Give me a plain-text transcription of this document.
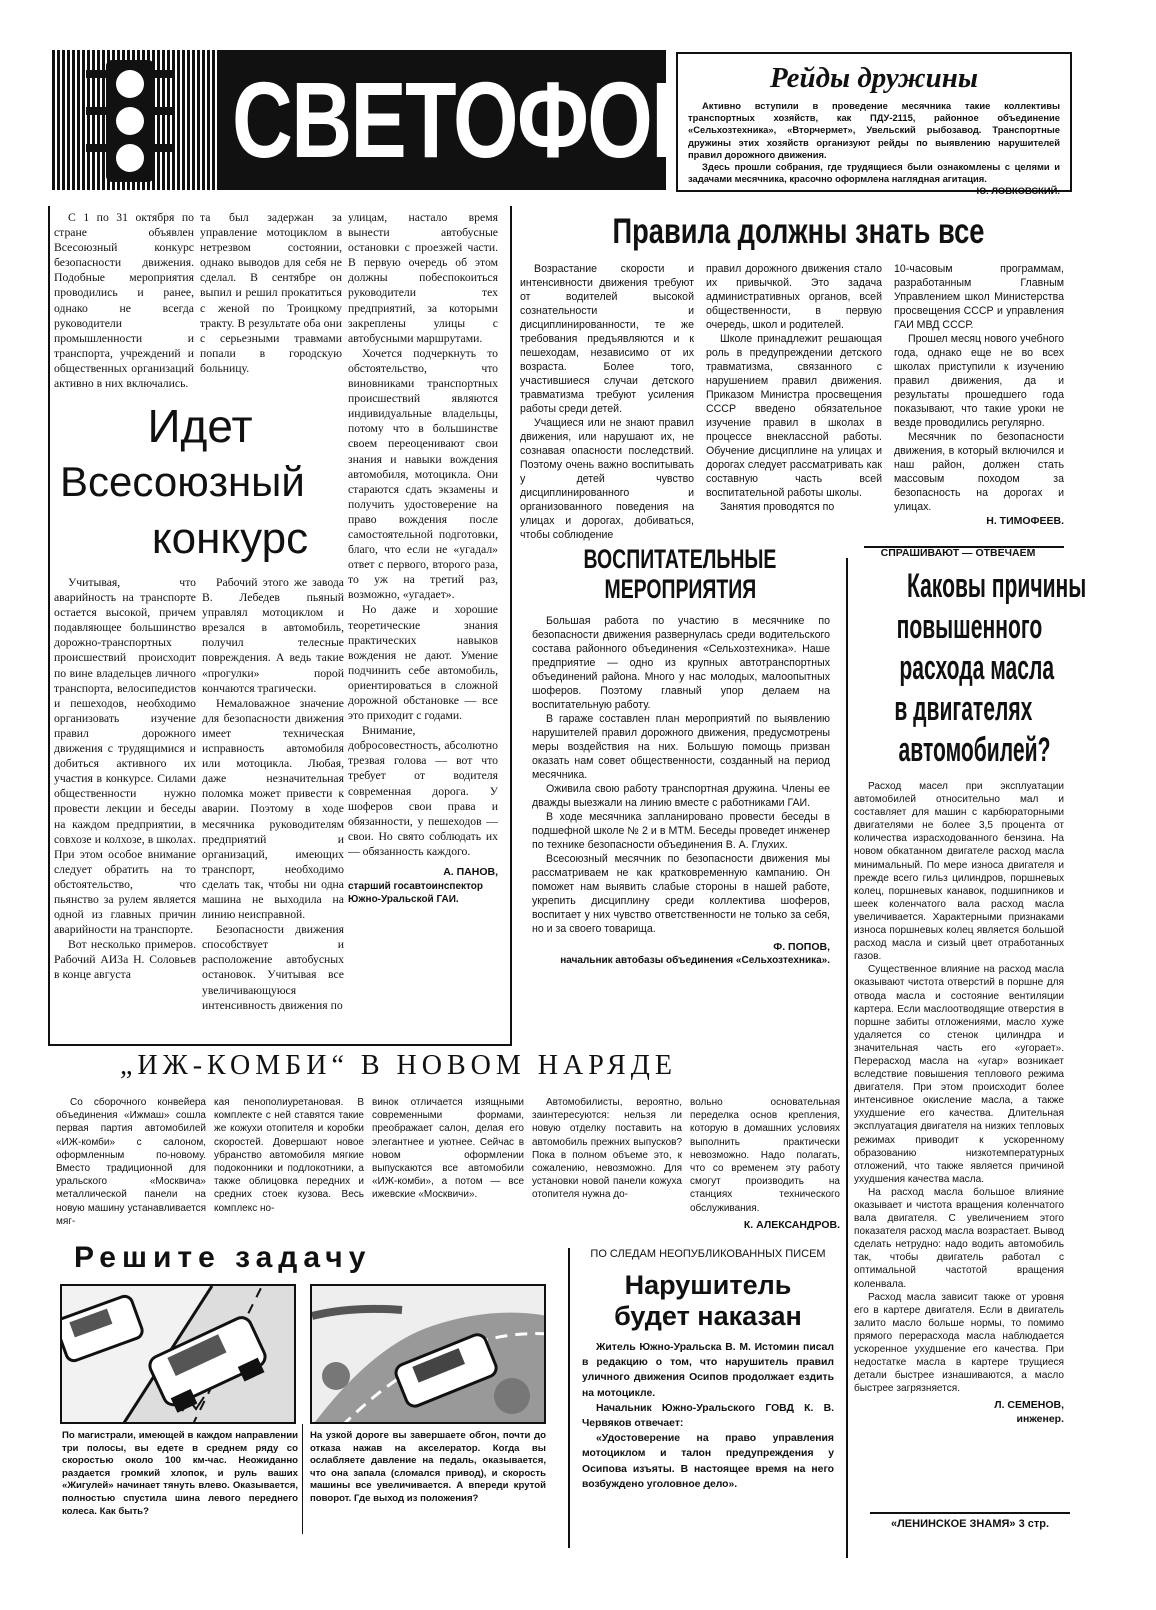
СВЕТОФОР	Рейды дружины

Активно вступили в проведение месячника такие коллективы транспортных хозяйств, как ПДУ-2115, районное объединение «Сельхозтехника», «Вторчермет», Увельский рыбозавод. Транспортные дружины этих хозяйств организуют рейды по выявлению нарушителей правил дорожного движения.

Здесь прошли собрания, где трудящиеся были ознакомлены с целями и задачами месячника, красочно оформлена наглядная агитация.

Ю. ЛОВКОВСКИЙ.

С 1 по 31 октября по стране объявлен Всесоюзный конкурс безопасности движения. Подобные мероприятия проводились и ранее, однако не всегда руководители промышленности и транспорта, учреждений и общественных организаций активно в них включались.

та был задержан за управление мотоциклом в нетрезвом состоянии, однако выводов для себя не сделал. В сентябре он выпил и решил прокатиться с женой по Троицкому тракту. В результате оба они с серьезными травмами попали в городскую больницу.

улицам, настало время вынести автобусные остановки с проезжей части. В первую очередь об этом должны побеспокоиться руководители тех предприятий, за которыми закреплены улицы с автобусными маршрутами.

Хочется подчеркнуть то обстоятельство, что виновниками транспортных происшествий являются индивидуальные владельцы, потому что в большинстве своем переоценивают свои знания и навыки вождения автомобиля, мотоцикла. Они стараются сдать экзамены и получить удостоверение на право вождения после самостоятельной подготовки, благо, что если не «угадал» ответ с первого, второго раза, то уж на третий раз, возможно, «угадает».

Но даже и хорошие теоретические знания практических навыков вождения не дают. Умение подчинить себе автомобиль, ориентироваться в сложной дорожной обстановке — все это приходит с годами.

Внимание, добросовестность, абсолютно трезвая голова — вот что требует от водителя современная дорога. У шоферов свои права и обязанности, у пешеходов — свои. Но свято соблюдать их — обязанность каждого.

А. ПАНОВ,
старший госавтоинспектор Южно-Уральской ГАИ.
Идет
Всесоюзный
конкурс

Учитывая, что аварийность на транспорте остается высокой, причем подавляющее большинство дорожно-транспортных происшествий происходит по вине владельцев личного транспорта, велосипедистов и пешеходов, необходимо организовать изучение правил дорожного движения с трудящимися и добиться активного их участия в конкурсе. Силами общественности нужно провести лекции и беседы на каждом предприятии, в совхозе и колхозе, в школах. При этом особое внимание следует обратить на то обстоятельство, что пьянство за рулем является одной из главных причин аварийности на транспорте.

Вот несколько примеров. Рабочий АИЗа Н. Соловьев в конце августа

Рабочий этого же завода В. Лебедев пьяный управлял мотоциклом и врезался в автомобиль, получил телесные повреждения. А ведь такие «прогулки» порой кончаются трагически.

Немаловажное значение для безопасности движения имеет техническая исправность автомобиля или мотоцикла. Любая, даже незначительная поломка может привести к аварии. Поэтому в ходе месячника руководителям предприятий и организаций, имеющих транспорт, необходимо сделать так, чтобы ни одна машина не выходила на линию неисправной.

Безопасности движения способствует и расположение автобусных остановок. Учитывая все увеличивающуюся интенсивность движения по

Правила должны знать все

Возрастание скорости и интенсивности движения требуют от водителей высокой сознательности и дисциплинированности, те же требования предъявляются и к пешеходам, независимо от их возраста. Более того, участившиеся случаи детского травматизма требуют усиления работы среди детей.

Учащиеся или не знают правил движения, или нарушают их, не сознавая опасности последствий. Поэтому очень важно воспитывать у детей чувство дисциплинированного и организованного поведения на улицах и дорогах, добиваться, чтобы соблюдение

правил дорожного движения стало их привычкой. Это задача административных органов, всей общественности, в первую очередь, школ и родителей.

Школе принадлежит решающая роль в предупреждении детского травматизма, связанного с нарушением правил движения. Приказом Министра просвещения СССР введено обязательное изучение правил в школах в процессе внеклассной работы. Обучение дисциплине на улицах и дорогах следует рассматривать как составную часть всей воспитательной работы школы.

Занятия проводятся по

10-часовым программам, разработанным Главным Управлением школ Министерства просвещения СССР и управления ГАИ МВД СССР.

Прошел месяц нового учебного года, однако еще не во всех школах приступили к изучению правил движения, да и результаты прошедшего года показывают, что такие уроки не везде проводились регулярно.

Месячник по безопасности движения, в который включился и наш район, должен стать массовым походом за безопасность на дорогах и улицах.

Н. ТИМОФЕЕВ.
ВОСПИТАТЕЛЬНЫЕ
МЕРОПРИЯТИЯ

Большая работа по участию в месячнике по безопасности движения развернулась среди водительского состава районного объединения «Сельхозтехника». Наше предприятие — одно из крупных автотранспортных объединений района. Много у нас молодых, малоопытных шоферов. Поэтому главный упор делаем на воспитательную работу.

В гараже составлен план мероприятий по выявлению нарушителей правил дорожного движения, предусмотрены меры воздействия на них. Большую помощь призван оказать нам совет общественности, созданный на период месячника.

Оживила свою работу транспортная дружина. Члены ее дважды выезжали на линию вместе с работниками ГАИ.

В ходе месячника запланировано провести беседы в подшефной школе № 2 и в МТМ. Беседы проведет инженер по технике безопасности объединения В. А. Глухих.

Всесоюзный месячник по безопасности движения мы рассматриваем не как кратковременную кампанию. Он поможет нам выявить слабые стороны в нашей работе, укрепить дисциплину среди коллектива шоферов, воспитает у них чувство ответственности не только за себя, но и за своего товарища.

Ф. ПОПОВ,
начальник автобазы объединения «Сельхозтехника».
СПРАШИВАЮТ — ОТВЕЧАЕМ
Каковы причины
повышенного
расхода масла
в двигателях
автомобилей?

Расход масел при эксплуатации автомобилей относительно мал и составляет для машин с карбюраторными двигателями не более 3,5 процента от количества израсходованного бензина. На новом обкатанном двигателе расход масла минимальный. По мере износа двигателя и прежде всего гильз цилиндров, поршневых колец, поршневых канавок, подшипников и шеек коленчатого вала расход масла увеличивается. Характерными признаками износа поршневых колец является большой расход масла и сизый цвет отработанных газов.

Существенное влияние на расход масла оказывают чистота отверстий в поршне для отвода масла и состояние вентиляции картера. Если маслоотводящие отверстия в поршне забиты отложениями, масло хуже удаляется со стенок цилиндра и значительная часть его «угорает». Перерасход масла на «угар» возникает вследствие повышения теплового режима двигателя. При этом происходит более интенсивное окисление масла, а также ухудшение его качества. Длительная эксплуатация двигателя на низких тепловых режимах приводит к ускоренному образованию низкотемпературных отложений, что также является причиной ухудшения качества масла.

На расход масла большое влияние оказывает и чистота вращения коленчатого вала двигателя. С увеличением этого показателя расход масла возрастает. Вывод сделать нетрудно: надо водить автомобиль так, чтобы двигатель работал с оптимальной частотой вращения коленвала.

Расход масла зависит также от уровня его в картере двигателя. Если в двигатель залито масло больше нормы, то помимо прямого перерасхода масла наблюдается ускоренное ухудшение его качества. При недостатке масла в картере трущиеся детали быстрее изнашиваются, а масло быстрее загрязняется.

Л. СЕМЕНОВ,
инженер.
„ИЖ-КОМБИ“ В НОВОМ НАРЯДЕ

Со сборочного конвейера объединения «Ижмаш» сошла первая партия автомобилей «ИЖ-комби» с салоном, оформленным по-новому. Вместо традиционной для уральского «Москвича» металлической панели на новую машину устанавливается мяг-

кая пенополиуретановая. В комплекте с ней ставятся такие же кожухи отопителя и коробки скоростей. Довершают новое убранство автомобиля мягкие подоконники и подлокотники, а также облицовка передних и средних стоек кузова. Весь комплекс но-

винок отличается изящными современными формами, преображает салон, делая его элегантнее и уютнее. Сейчас в новом оформлении выпускаются все автомобили «ИЖ-комби», а потом — все ижевские «Москвичи».

Автомобилисты, вероятно, заинтересуются: нельзя ли новую отделку поставить на автомобиль прежних выпусков? Пока в полном объеме это, к сожалению, невозможно. Для установки новой панели кожуха отопителя нужна до-

вольно основательная переделка основ крепления, которую в домашних условиях выполнить практически невозможно. Надо полагать, что со временем эту работу смогут производить на станциях технического обслуживания.

К. АЛЕКСАНДРОВ.
Решите задачу
По магистрали, имеющей в каждом направлении три полосы, вы едете в среднем ряду со скоростью около 100 км-час. Неожиданно раздается громкий хлопок, и руль ваших «Жигулей» начинает тянуть влево. Оказывается, полностью спустила шина левого переднего колеса. Как быть?
На узкой дороге вы завершаете обгон, почти до отказа нажав на акселератор. Когда вы ослабляете давление на педаль, оказывается, что она запала (сломался привод), и скорость машины все увеличивается. А впереди крутой поворот. Где выход из положения?
ПО СЛЕДАМ НЕОПУБЛИКОВАННЫХ ПИСЕМ
Нарушитель
будет наказан

Житель Южно-Уральска В. М. Истомин писал в редакцию о том, что нарушитель правил уличного движения Осипов продолжает ездить на мотоцикле.

Начальник Южно-Уральского ГОВД К. В. Червяков отвечает:

«Удостоверение на право управления мотоциклом и талон предупреждения у Осипова изъяты. В настоящее время на него возбуждено уголовное дело».

«ЛЕНИНСКОЕ ЗНАМЯ» 3 стр.
